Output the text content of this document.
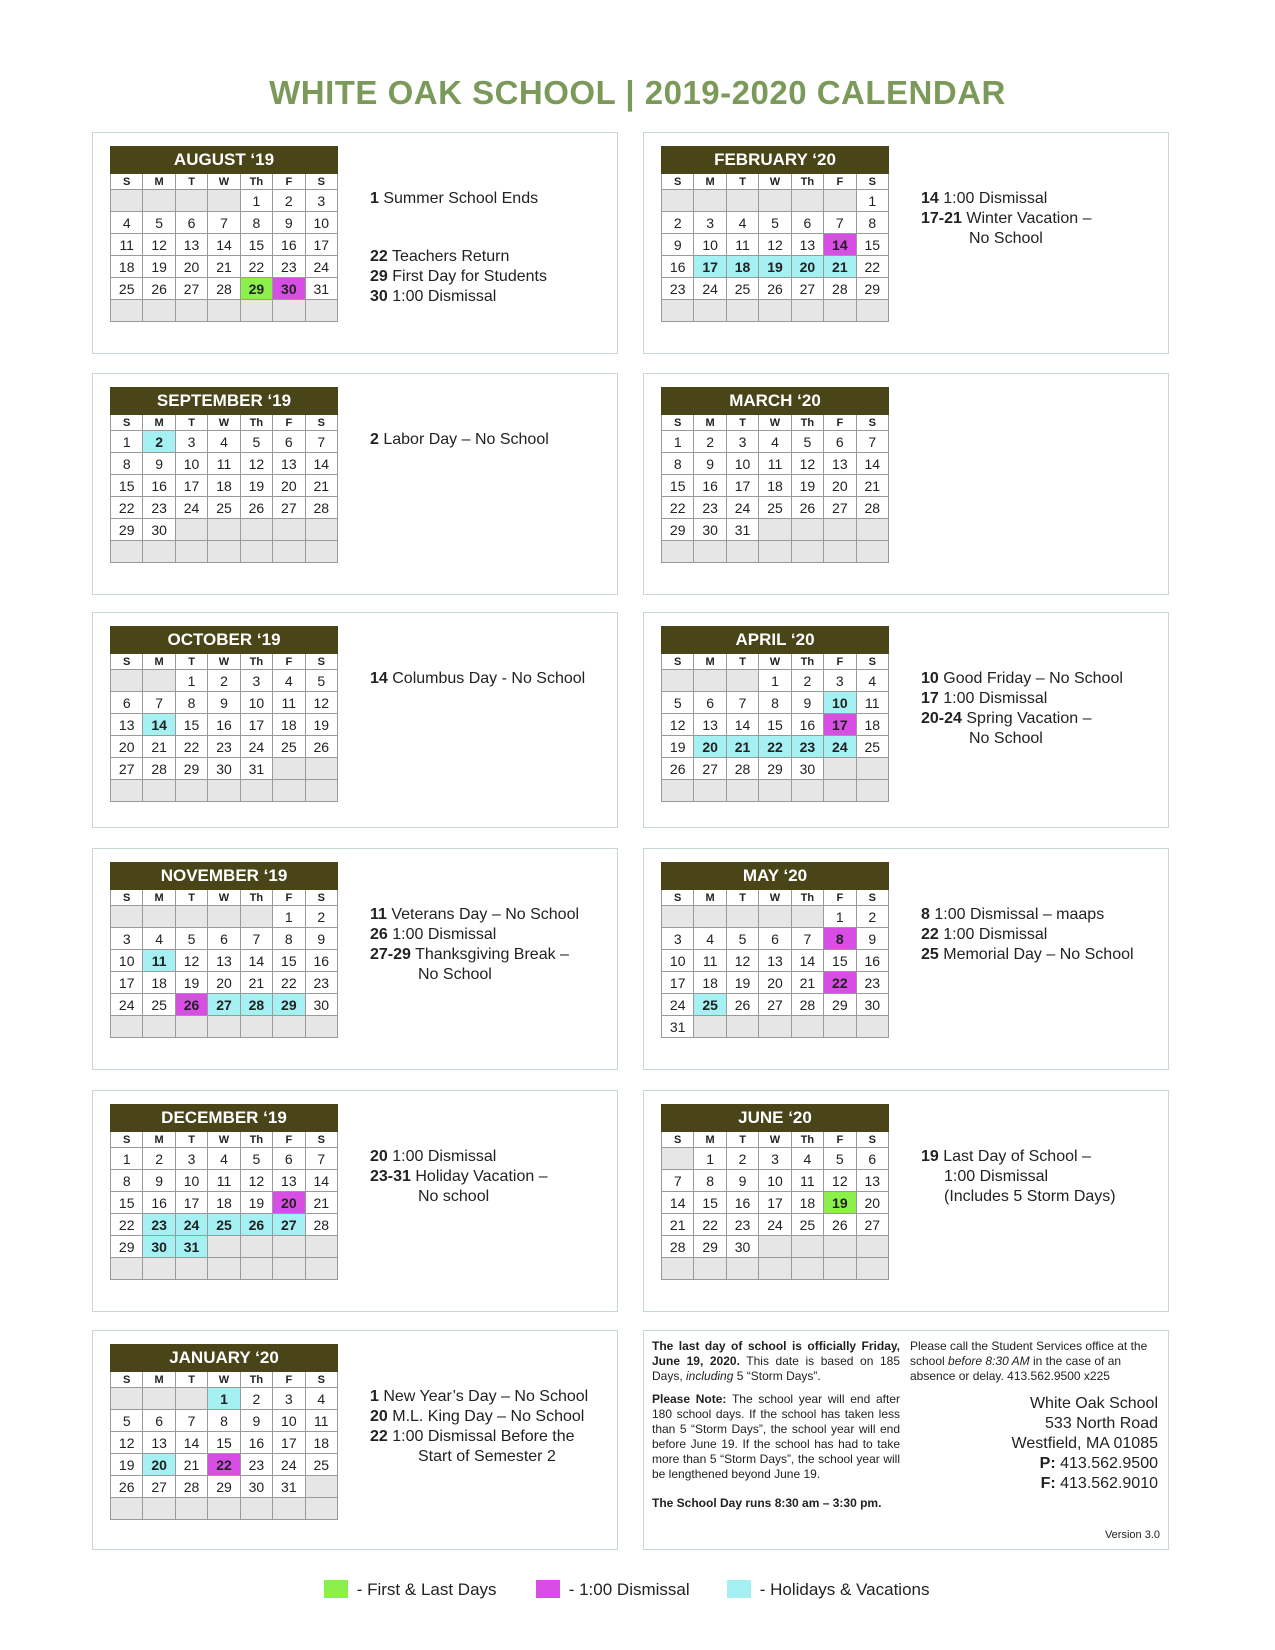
WHITE OAK SCHOOL | 2019-2020 CALENDAR
AUGUST ‘19						
S	M	T	W	Th	F	S
				1	2	3
4	5	6	7	8	9	10
11	12	13	14	15	16	17
18	19	20	21	22	23	24
25	26	27	28	29	30	31

1 Summer School Ends
22 Teachers Return
29 First Day for Students
30 1:00 Dismissal
FEBRUARY ‘20						
S	M	T	W	Th	F	S
						1
2	3	4	5	6	7	8
9	10	11	12	13	14	15
16	17	18	19	20	21	22
23	24	25	26	27	28	29

14 1:00 Dismissal
17-21 Winter Vacation –
No School
SEPTEMBER ‘19						
S	M	T	W	Th	F	S
1	2	3	4	5	6	7
8	9	10	11	12	13	14
15	16	17	18	19	20	21
22	23	24	25	26	27	28
29	30					

2 Labor Day – No School
MARCH ‘20						
S	M	T	W	Th	F	S
1	2	3	4	5	6	7
8	9	10	11	12	13	14
15	16	17	18	19	20	21
22	23	24	25	26	27	28
29	30	31				

OCTOBER ‘19						
S	M	T	W	Th	F	S
		1	2	3	4	5
6	7	8	9	10	11	12
13	14	15	16	17	18	19
20	21	22	23	24	25	26
27	28	29	30	31		

14 Columbus Day - No School
APRIL ‘20						
S	M	T	W	Th	F	S
			1	2	3	4
5	6	7	8	9	10	11
12	13	14	15	16	17	18
19	20	21	22	23	24	25
26	27	28	29	30		

10 Good Friday – No School
17 1:00 Dismissal
20-24 Spring Vacation –
No School
NOVEMBER ‘19						
S	M	T	W	Th	F	S
					1	2
3	4	5	6	7	8	9
10	11	12	13	14	15	16
17	18	19	20	21	22	23
24	25	26	27	28	29	30

11 Veterans Day – No School
26 1:00 Dismissal
27-29 Thanksgiving Break –
No School
MAY ‘20						
S	M	T	W	Th	F	S
					1	2
3	4	5	6	7	8	9
10	11	12	13	14	15	16
17	18	19	20	21	22	23
24	25	26	27	28	29	30
31						
8 1:00 Dismissal – maaps
22 1:00 Dismissal
25 Memorial Day – No School
DECEMBER ‘19						
S	M	T	W	Th	F	S
1	2	3	4	5	6	7
8	9	10	11	12	13	14
15	16	17	18	19	20	21
22	23	24	25	26	27	28
29	30	31				

20 1:00 Dismissal
23-31 Holiday Vacation –
No school
JUNE ‘20						
S	M	T	W	Th	F	S
	1	2	3	4	5	6
7	8	9	10	11	12	13
14	15	16	17	18	19	20
21	22	23	24	25	26	27
28	29	30				

19 Last Day of School –
1:00 Dismissal
(Includes 5 Storm Days)
JANUARY ‘20						
S	M	T	W	Th	F	S
			1	2	3	4
5	6	7	8	9	10	11
12	13	14	15	16	17	18
19	20	21	22	23	24	25
26	27	28	29	30	31	

1 New Year’s Day – No School
20 M.L. King Day – No School
22 1:00 Dismissal Before the
Start of Semester 2

The last day of school is officially Friday, June 19, 2020. This date is based on 185 Days, including 5 “Storm Days”.

Please Note: The school year will end after 180 school days. If the school has taken less than 5 “Storm Days”, the school year will end before June 19. If the school has had to take more than 5 “Storm Days”, the school year will be lengthened beyond June 19.

The School Day runs 8:30 am – 3:30 pm.

Please call the Student Services office at the school before 8:30 AM in the case of an absence or delay. 413.562.9500 x225
White Oak School
533 North Road
Westfield, MA 01085
P: 413.562.9500
F: 413.562.9010
Version 3.0
- First & Last Days	- 1:00 Dismissal	- Holidays & Vacations
